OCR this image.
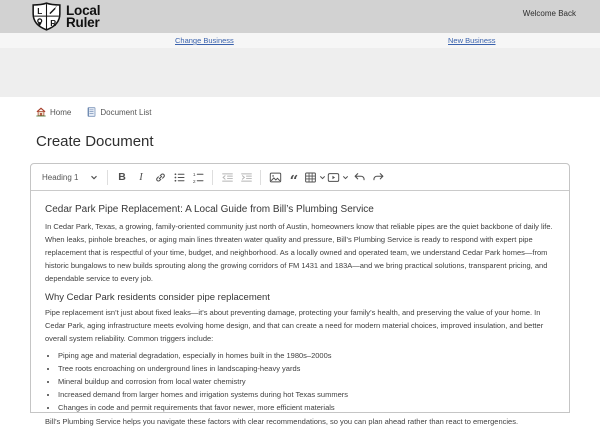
L
R
Local
Ruler
Welcome Back
Change Business	New Business
Home	Document List
Create Document
Heading 1	B	I	1
2	“
Cedar Park Pipe Replacement: A Local Guide from Bill’s Plumbing Service

In Cedar Park, Texas, a growing, family-oriented community just north of Austin, homeowners know that reliable pipes are the quiet backbone of daily life. When leaks, pinhole breaches, or aging main lines threaten water quality and pressure, Bill’s Plumbing Service is ready to respond with expert pipe replacement that is respectful of your time, budget, and neighborhood. As a locally owned and operated team, we understand Cedar Park homes—from historic bungalows to new builds sprouting along the growing corridors of FM 1431 and 183A—and we bring practical solutions, transparent pricing, and dependable service to every job.

Why Cedar Park residents consider pipe replacement

Pipe replacement isn’t just about fixed leaks—it’s about preventing damage, protecting your family’s health, and preserving the value of your home. In Cedar Park, aging infrastructure meets evolving home design, and that can create a need for modern material choices, improved insulation, and better overall system reliability. Common triggers include:

• Piping age and material degradation, especially in homes built in the 1980s–2000s
• Tree roots encroaching on underground lines in landscaping-heavy yards
• Mineral buildup and corrosion from local water chemistry
• Increased demand from larger homes and irrigation systems during hot Texas summers
• Changes in code and permit requirements that favor newer, more efficient materials

Bill’s Plumbing Service helps you navigate these factors with clear recommendations, so you can plan ahead rather than react to emergencies.
